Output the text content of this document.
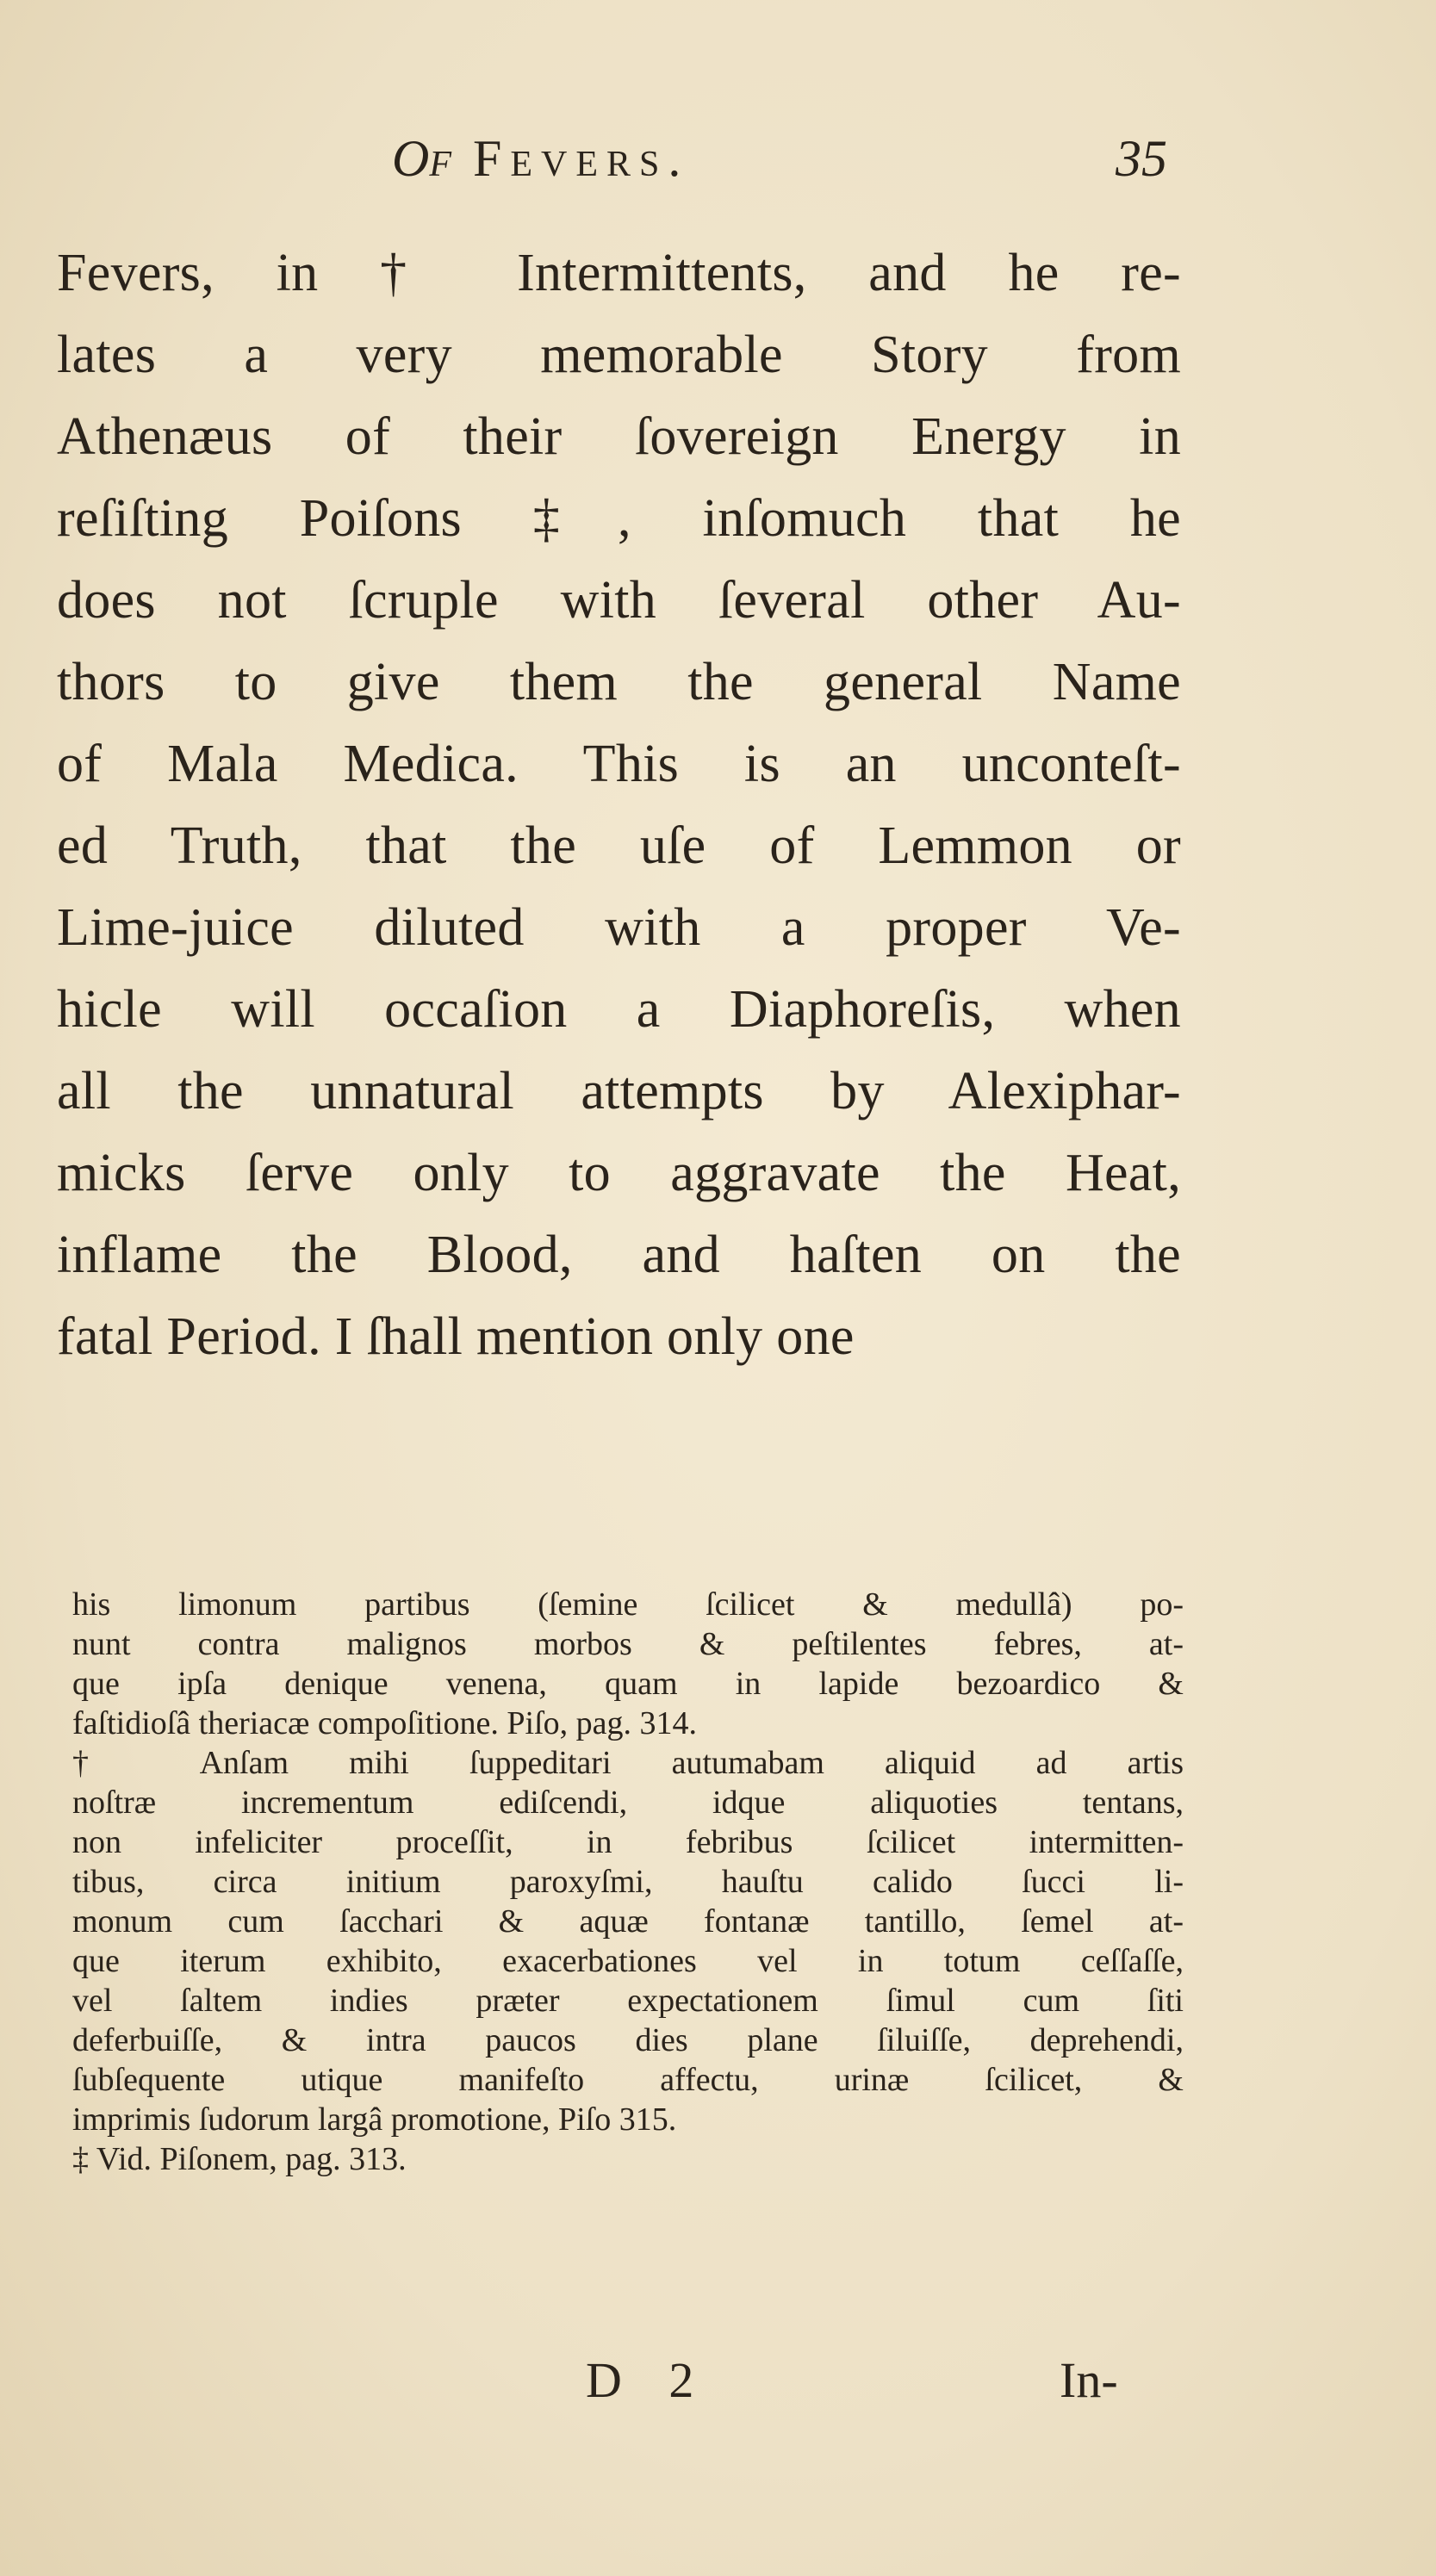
Of Fevers.	35
Fevers, in † Intermittents, and he re-
lates a very memorable Story from
Athenæus of their ſovereign Energy in
reſiſting Poiſons ‡, inſomuch that he
does not ſcruple with ſeveral other Au-
thors to give them the general Name
of Mala Medica. This is an unconteſt-
ed Truth, that the uſe of Lemmon or
Lime-juice diluted with a proper Ve-
hicle will occaſion a Diaphoreſis, when
all the unnatural attempts by Alexiphar-
micks ſerve only to aggravate the Heat,
inflame the Blood, and haſten on the
fatal Period. I ſhall mention only one
his limonum partibus (ſemine ſcilicet & medullâ) po-
nunt contra malignos morbos & peſtilentes febres, at-
que ipſa denique venena, quam in lapide bezoardico &
faſtidioſâ theriacæ compoſitione. Piſo, pag. 314.
† Anſam mihi ſuppeditari autumabam aliquid ad artis
noſtræ incrementum ediſcendi, idque aliquoties tentans,
non infeliciter proceſſit, in febribus ſcilicet intermitten-
tibus, circa initium paroxyſmi, hauſtu calido ſucci li-
monum cum ſacchari & aquæ fontanæ tantillo, ſemel at-
que iterum exhibito, exacerbationes vel in totum ceſſaſſe,
vel ſaltem indies præter expectationem ſimul cum ſiti
deferbuiſſe, & intra paucos dies plane ſiluiſſe, deprehendi,
ſubſequente utique manifeſto affectu, urinæ ſcilicet, &
imprimis ſudorum largâ promotione, Piſo 315.
‡ Vid. Piſonem, pag. 313.
D 2	In-
